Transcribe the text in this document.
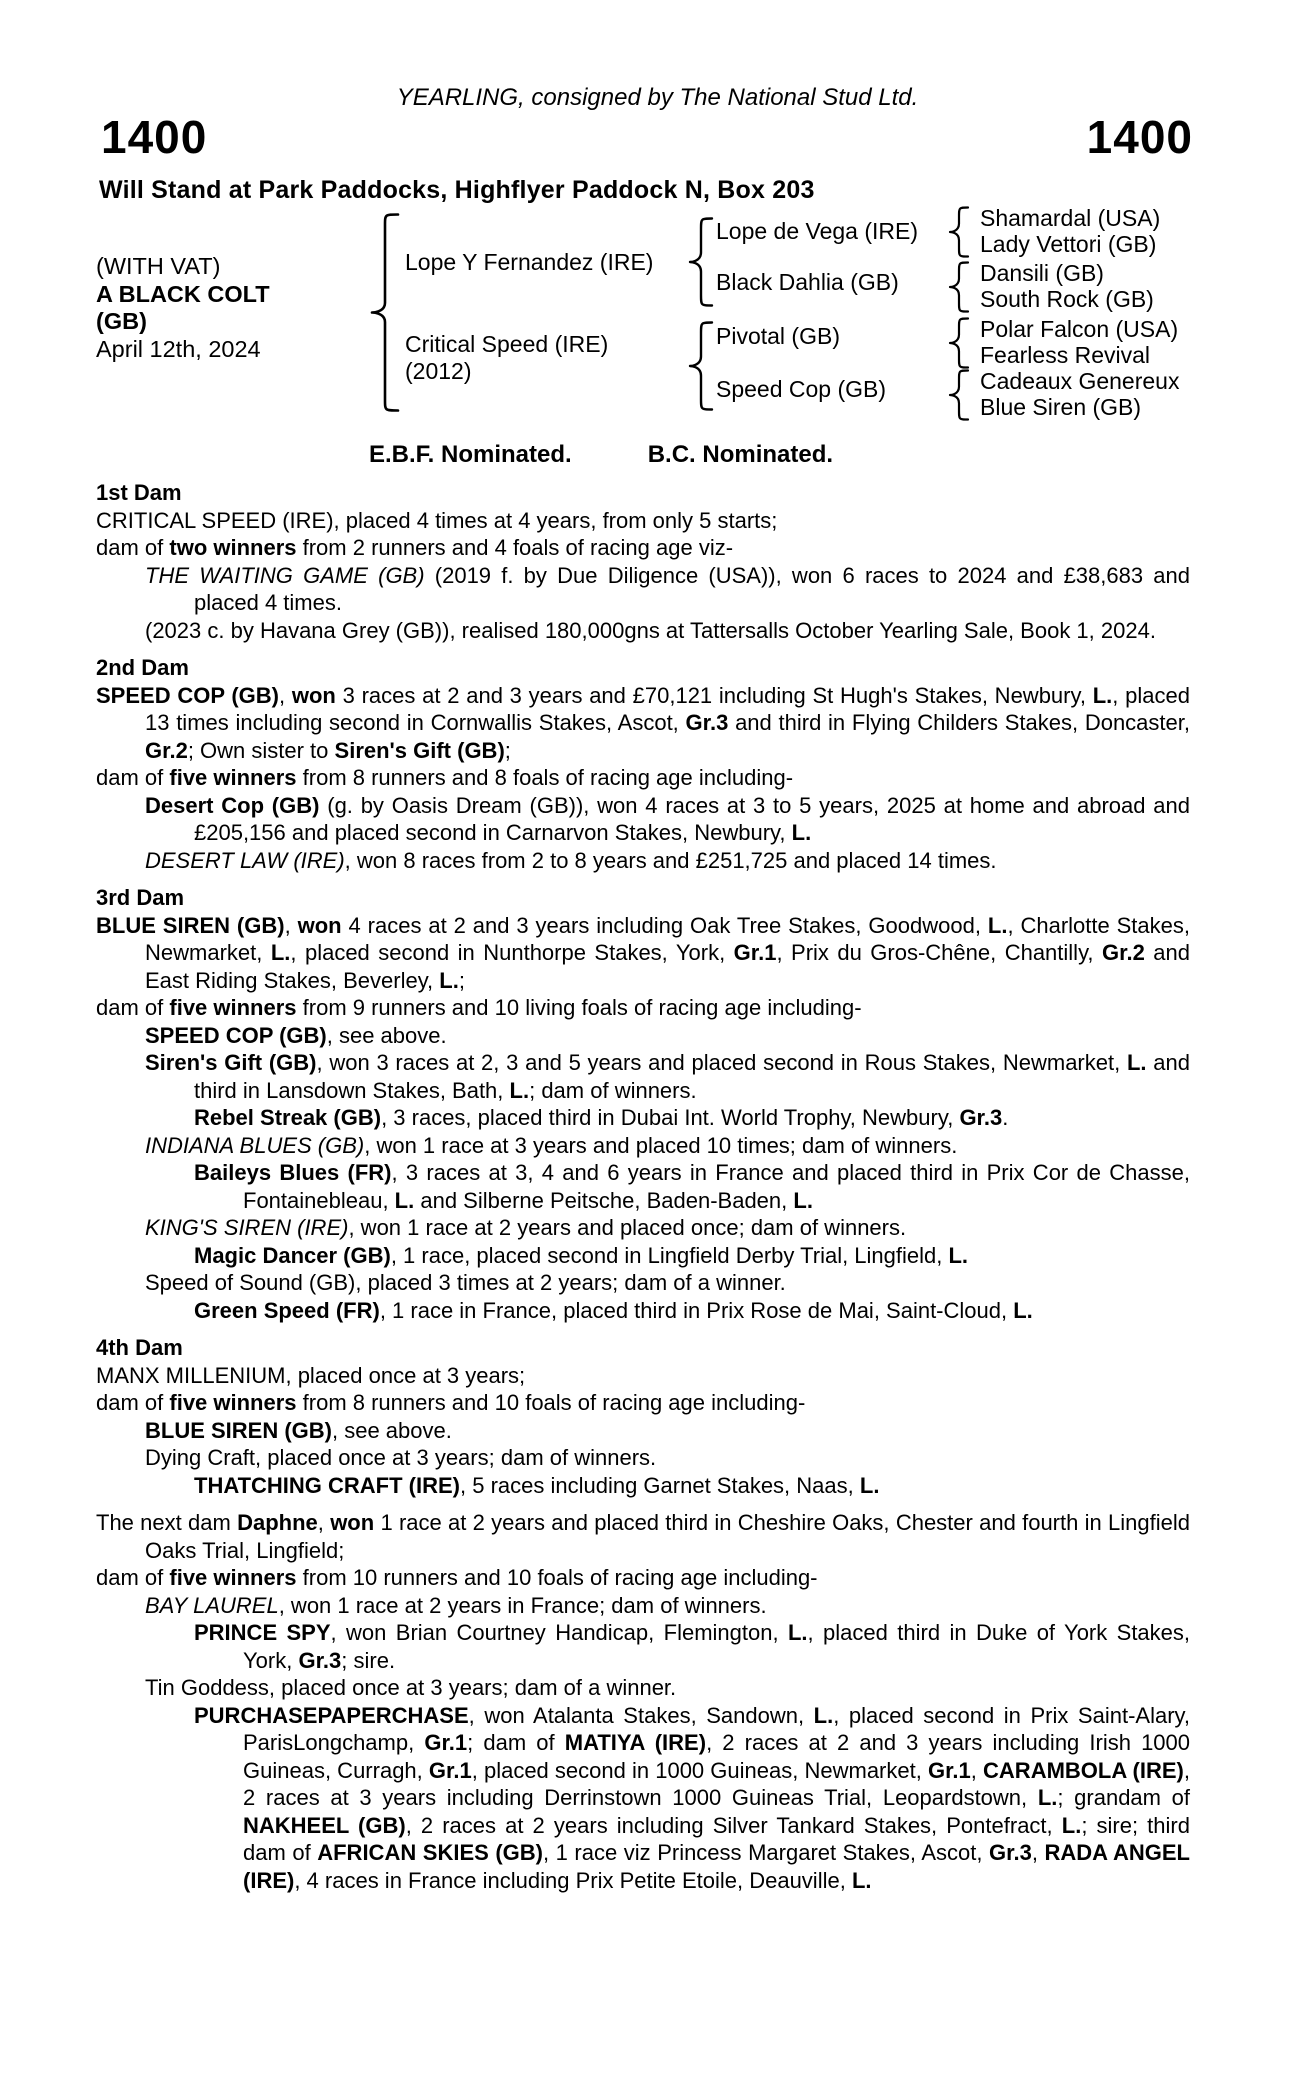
YEARLING, consigned by The National Stud Ltd.
1400	1400
Will Stand at Park Paddocks, Highflyer Paddock N, Box 203
(WITH VAT)
A BLACK COLT
(GB)
April 12th, 2024
Lope Y Fernandez (IRE)
Critical Speed (IRE)
(2012)
Lope de Vega (IRE)	Shamardal (USA)
Lady Vettori (GB)
Black Dahlia (GB)	Dansili (GB)
South Rock (GB)
Pivotal (GB)	Polar Falcon (USA)
Fearless Revival
Speed Cop (GB)	Cadeaux Genereux
Blue Siren (GB)
E.B.F. Nominated.	B.C. Nominated.
1st Dam
CRITICAL SPEED (IRE), placed 4 times at 4 years, from only 5 starts;
dam of two winners from 2 runners and 4 foals of racing age viz-
THE WAITING GAME (GB) (2019 f. by Due Diligence (USA)), won 6 races to 2024 and £38,683 and placed 4 times.
(2023 c. by Havana Grey (GB)), realised 180,000gns at Tattersalls October Yearling Sale, Book 1, 2024.
2nd Dam
SPEED COP (GB), won 3 races at 2 and 3 years and £70,121 including St Hugh's Stakes, Newbury, L., placed 13 times including second in Cornwallis Stakes, Ascot, Gr.3 and third in Flying Childers Stakes, Doncaster, Gr.2; Own sister to Siren's Gift (GB);
dam of five winners from 8 runners and 8 foals of racing age including-
Desert Cop (GB) (g. by Oasis Dream (GB)), won 4 races at 3 to 5 years, 2025 at home and abroad and £205,156 and placed second in Carnarvon Stakes, Newbury, L.
DESERT LAW (IRE), won 8 races from 2 to 8 years and £251,725 and placed 14 times.
3rd Dam
BLUE SIREN (GB), won 4 races at 2 and 3 years including Oak Tree Stakes, Goodwood, L., Charlotte Stakes, Newmarket, L., placed second in Nunthorpe Stakes, York, Gr.1, Prix du Gros-Chêne, Chantilly, Gr.2 and East Riding Stakes, Beverley, L.;
dam of five winners from 9 runners and 10 living foals of racing age including-
SPEED COP (GB), see above.
Siren's Gift (GB), won 3 races at 2, 3 and 5 years and placed second in Rous Stakes, Newmarket, L. and third in Lansdown Stakes, Bath, L.; dam of winners.
Rebel Streak (GB), 3 races, placed third in Dubai Int. World Trophy, Newbury, Gr.3.
INDIANA BLUES (GB), won 1 race at 3 years and placed 10 times; dam of winners.
Baileys Blues (FR), 3 races at 3, 4 and 6 years in France and placed third in Prix Cor de Chasse, Fontainebleau, L. and Silberne Peitsche, Baden-Baden, L.
KING'S SIREN (IRE), won 1 race at 2 years and placed once; dam of winners.
Magic Dancer (GB), 1 race, placed second in Lingfield Derby Trial, Lingfield, L.
Speed of Sound (GB), placed 3 times at 2 years; dam of a winner.
Green Speed (FR), 1 race in France, placed third in Prix Rose de Mai, Saint-Cloud, L.
4th Dam
MANX MILLENIUM, placed once at 3 years;
dam of five winners from 8 runners and 10 foals of racing age including-
BLUE SIREN (GB), see above.
Dying Craft, placed once at 3 years; dam of winners.
THATCHING CRAFT (IRE), 5 races including Garnet Stakes, Naas, L.
The next dam Daphne, won 1 race at 2 years and placed third in Cheshire Oaks, Chester and fourth in Lingfield Oaks Trial, Lingfield;
dam of five winners from 10 runners and 10 foals of racing age including-
BAY LAUREL, won 1 race at 2 years in France; dam of winners.
PRINCE SPY, won Brian Courtney Handicap, Flemington, L., placed third in Duke of York Stakes, York, Gr.3; sire.
Tin Goddess, placed once at 3 years; dam of a winner.
PURCHASEPAPERCHASE, won Atalanta Stakes, Sandown, L., placed second in Prix Saint-Alary, ParisLongchamp, Gr.1; dam of MATIYA (IRE), 2 races at 2 and 3 years including Irish 1000 Guineas, Curragh, Gr.1, placed second in 1000 Guineas, Newmarket, Gr.1, CARAMBOLA (IRE), 2 races at 3 years including Derrinstown 1000 Guineas Trial, Leopardstown, L.; grandam of NAKHEEL (GB), 2 races at 2 years including Silver Tankard Stakes, Pontefract, L.; sire; third dam of AFRICAN SKIES (GB), 1 race viz Princess Margaret Stakes, Ascot, Gr.3, RADA ANGEL (IRE), 4 races in France including Prix Petite Etoile, Deauville, L.
